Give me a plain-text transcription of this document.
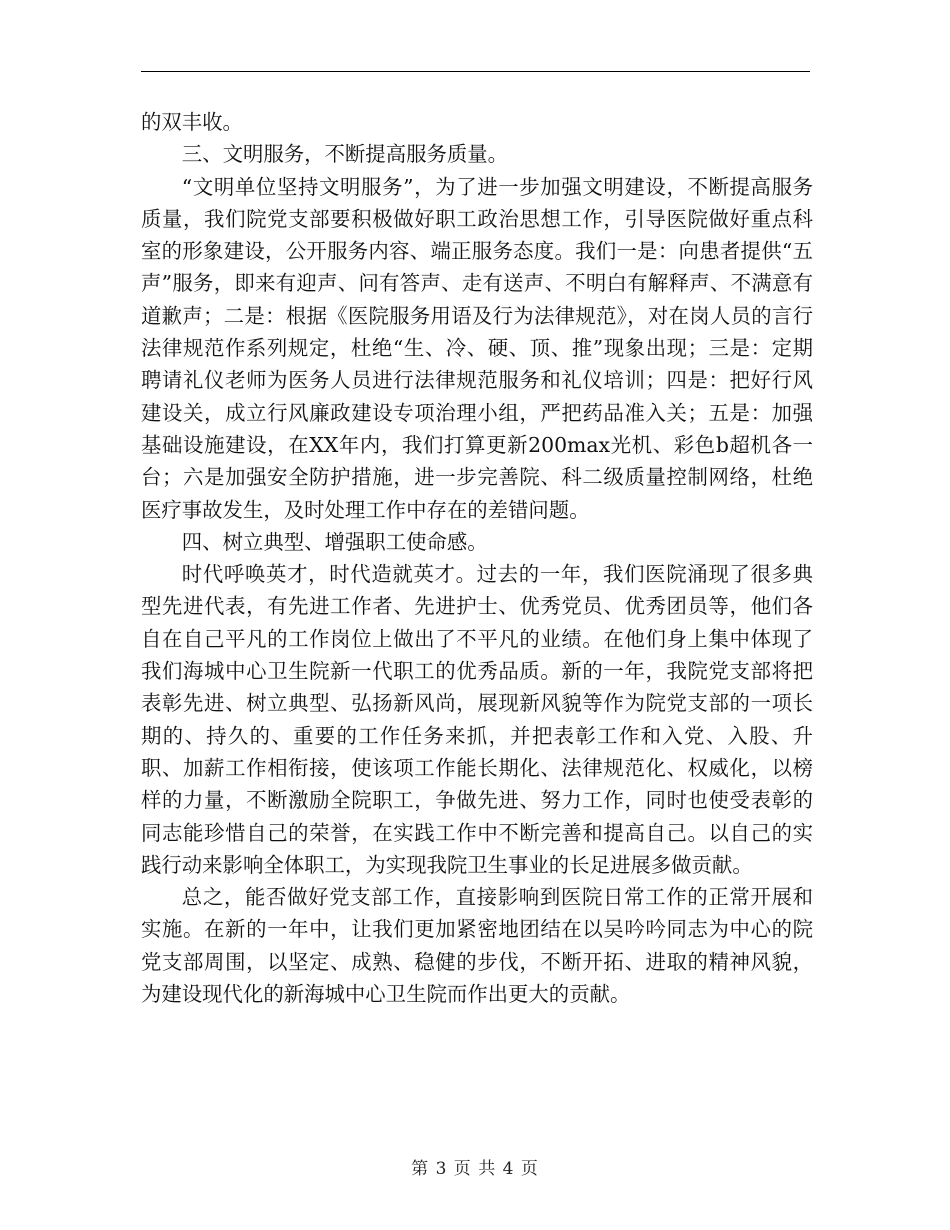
的双丰收。

三、文明服务，不断提高服务质量。

“文明单位坚持文明服务”，为了进一步加强文明建设，不断提高服务质量，我们院党支部要积极做好职工政治思想工作，引导医院做好重点科室的形象建设，公开服务内容、端正服务态度。我们一是：向患者提供“五声”服务，即来有迎声、问有答声、走有送声、不明白有解释声、不满意有道歉声；二是：根据《医院服务用语及行为法律规范》，对在岗人员的言行法律规范作系列规定，杜绝“生、冷、硬、顶、推”现象出现；三是：定期聘请礼仪老师为医务人员进行法律规范服务和礼仪培训；四是：把好行风建设关，成立行风廉政建设专项治理小组，严把药品准入关；五是：加强基础设施建设，在XX年内，我们打算更新200max光机、彩色b超机各一台；六是加强安全防护措施，进一步完善院、科二级质量控制网络，杜绝医疗事故发生，及时处理工作中存在的差错问题。

四、树立典型、增强职工使命感。

时代呼唤英才，时代造就英才。过去的一年，我们医院涌现了很多典型先进代表，有先进工作者、先进护士、优秀党员、优秀团员等，他们各自在自己平凡的工作岗位上做出了不平凡的业绩。在他们身上集中体现了我们海城中心卫生院新一代职工的优秀品质。新的一年，我院党支部将把表彰先进、树立典型、弘扬新风尚，展现新风貌等作为院党支部的一项长期的、持久的、重要的工作任务来抓，并把表彰工作和入党、入股、升职、加薪工作相衔接，使该项工作能长期化、法律规范化、权威化，以榜样的力量，不断激励全院职工，争做先进、努力工作，同时也使受表彰的同志能珍惜自己的荣誉，在实践工作中不断完善和提高自己。以自己的实践行动来影响全体职工，为实现我院卫生事业的长足进展多做贡献。

总之，能否做好党支部工作，直接影响到医院日常工作的正常开展和实施。在新的一年中，让我们更加紧密地团结在以吴吟吟同志为中心的院党支部周围，以坚定、成熟、稳健的步伐，不断开拓、进取的精神风貌，为建设现代化的新海城中心卫生院而作出更大的贡献。

第 3 页 共 4 页
